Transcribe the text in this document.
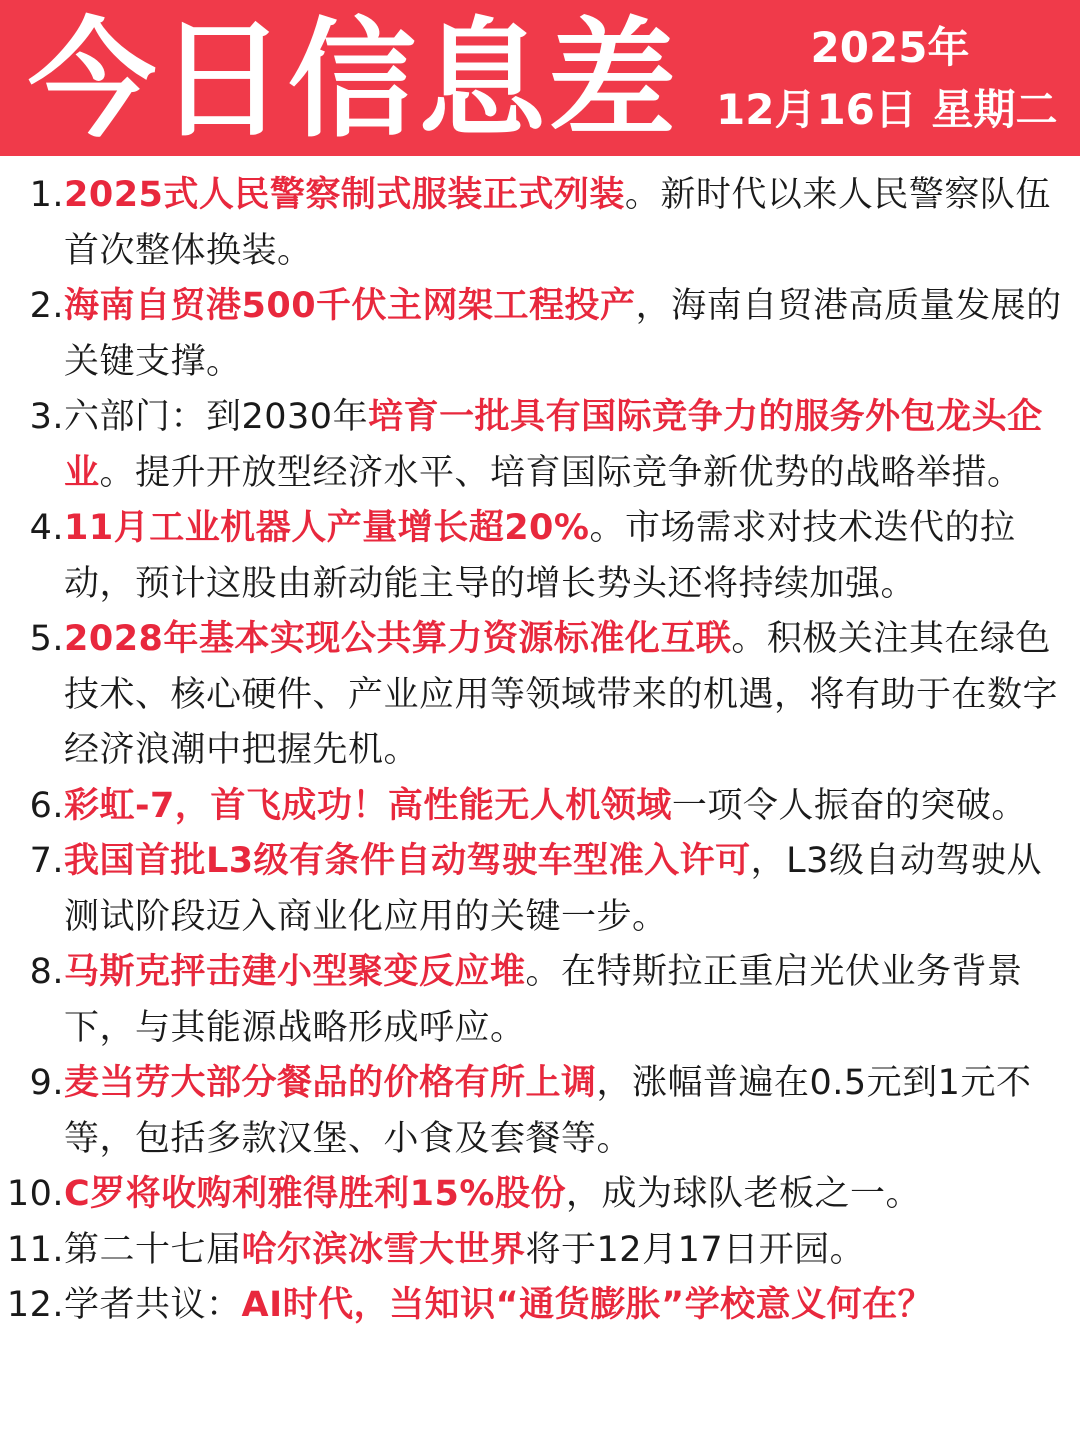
今日信息差	2025年
12月16日 星期二
1. 2025式人民警察制式服装正式列装。新时代以来人民警察队伍首次整体换装。
2. 海南自贸港500千伏主网架工程投产，海南自贸港高质量发展的关键支撑。
3. 六部门：到2030年培育一批具有国际竞争力的服务外包龙头企业。提升开放型经济水平、培育国际竞争新优势的战略举措。
4. 11月工业机器人产量增长超20%。市场需求对技术迭代的拉动，预计这股由新动能主导的增长势头还将持续加强。
5. 2028年基本实现公共算力资源标准化互联。积极关注其在绿色技术、核心硬件、产业应用等领域带来的机遇，将有助于在数字经济浪潮中把握先机。
6. 彩虹-7，首飞成功！高性能无人机领域一项令人振奋的突破。
7. 我国首批L3级有条件自动驾驶车型准入许可，L3级自动驾驶从测试阶段迈入商业化应用的关键一步。
8. 马斯克抨击建小型聚变反应堆。在特斯拉正重启光伏业务背景下，与其能源战略形成呼应。
9. 麦当劳大部分餐品的价格有所上调，涨幅普遍在0.5元到1元不等，包括多款汉堡、小食及套餐等。
10. C罗将收购利雅得胜利15%股份，成为球队老板之一。
11. 第二十七届哈尔滨冰雪大世界将于12月17日开园。
12. 学者共议：AI时代，当知识“通货膨胀”学校意义何在？
